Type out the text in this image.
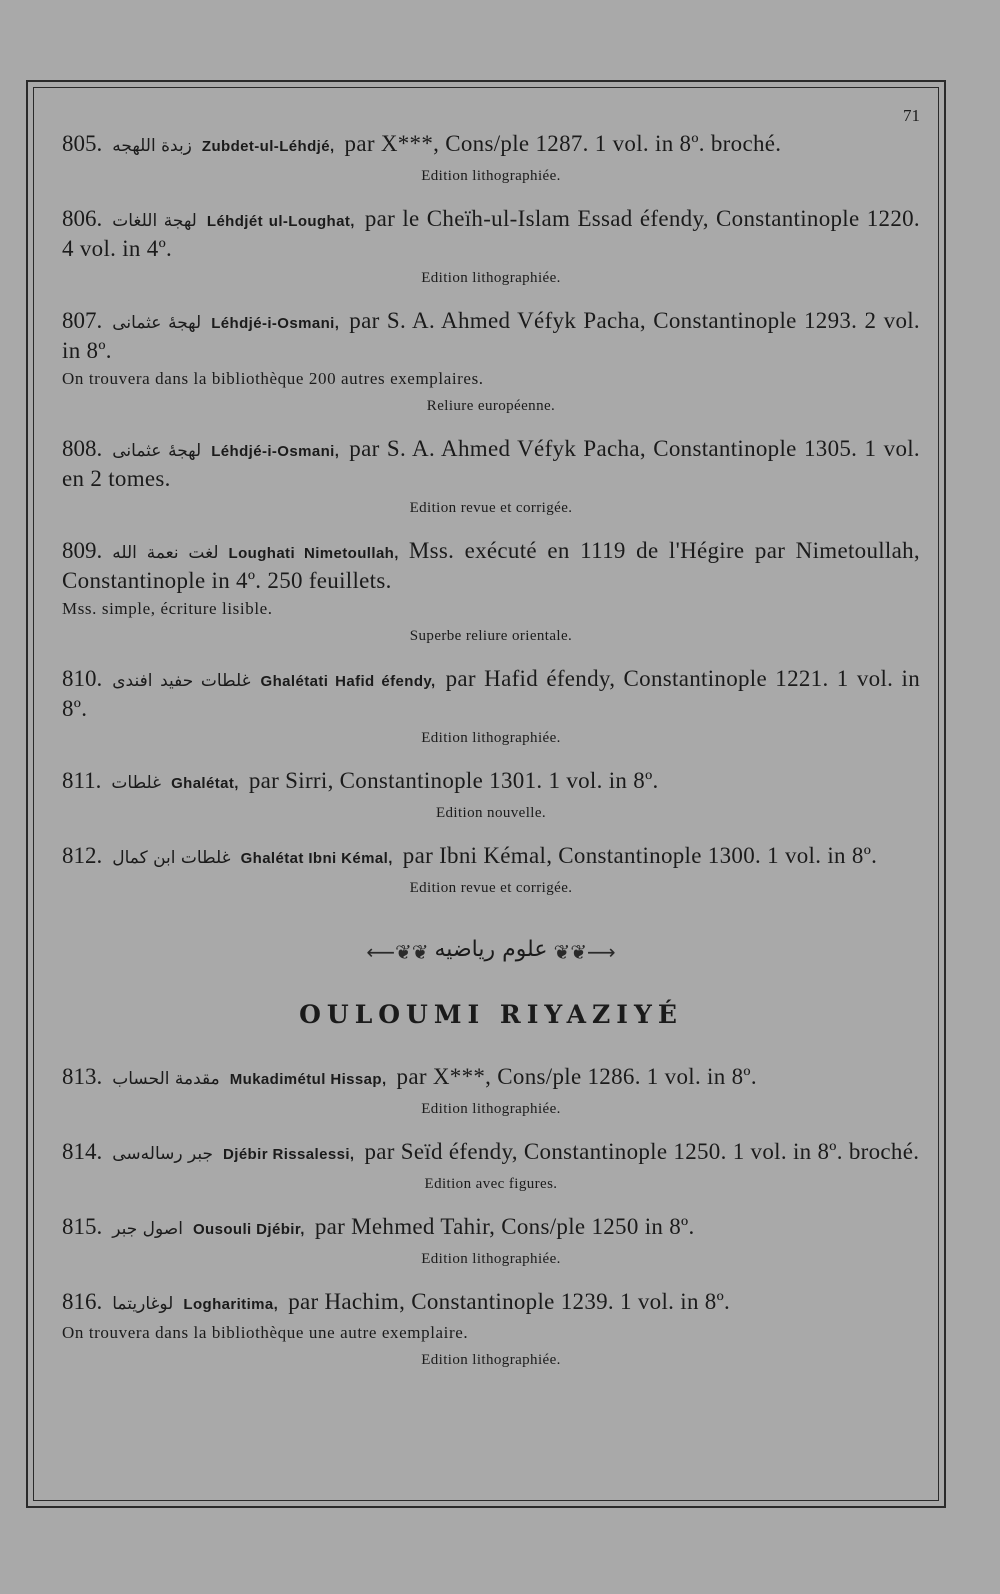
71
805. زبدة اللهجه Zubdet-ul-Léhdjé, par X***, Cons/ple 1287. 1 vol. in 8º. broché.
Edition lithographiée.
806. لهجة اللغات Léhdjét ul-Loughat, par le Cheïh-ul-Islam Essad éfendy, Constantinople 1220. 4 vol. in 4º.
Edition lithographiée.
807. لهجۀ عثمانی Léhdjé-i-Osmani, par S. A. Ahmed Véfyk Pacha, Constantinople 1293. 2 vol. in 8º.
On trouvera dans la bibliothèque 200 autres exemplaires.
Reliure européenne.
808. لهجۀ عثمانی Léhdjé-i-Osmani, par S. A. Ahmed Véfyk Pacha, Constantinople 1305. 1 vol. en 2 tomes.
Edition revue et corrigée.
809. لغت نعمة الله Loughati Nimetoullah, Mss. exécuté en 1119 de l'Hégire par Nimetoullah, Constantinople in 4º. 250 feuillets.
Mss. simple, écriture lisible.
Superbe reliure orientale.
810. غلطات حفيد افندی Ghalétati Hafid éfendy, par Hafid éfendy, Constantinople 1221. 1 vol. in 8º.
Edition lithographiée.
811. غلطات Ghalétat, par Sirri, Constantinople 1301. 1 vol. in 8º.
Edition nouvelle.
812. غلطات ابن كمال Ghalétat Ibni Kémal, par Ibni Kémal, Constantinople 1300. 1 vol. in 8º.
Edition revue et corrigée.
⟵❦❦ علوم رياضيه ❦❦⟶
OULOUMI RIYAZIYÉ
813. مقدمة الحساب Mukadimétul Hissap, par X***, Cons/ple 1286. 1 vol. in 8º.
Edition lithographiée.
814. جبر رسالەسی Djébir Rissalessi, par Seïd éfendy, Constantinople 1250. 1 vol. in 8º. broché.
Edition avec figures.
815. اصول جبر Ousouli Djébir, par Mehmed Tahir, Cons/ple 1250 in 8º.
Edition lithographiée.
816. لوغاريتما Logharitima, par Hachim, Constantinople 1239. 1 vol. in 8º.
On trouvera dans la bibliothèque une autre exemplaire.
Edition lithographiée.
